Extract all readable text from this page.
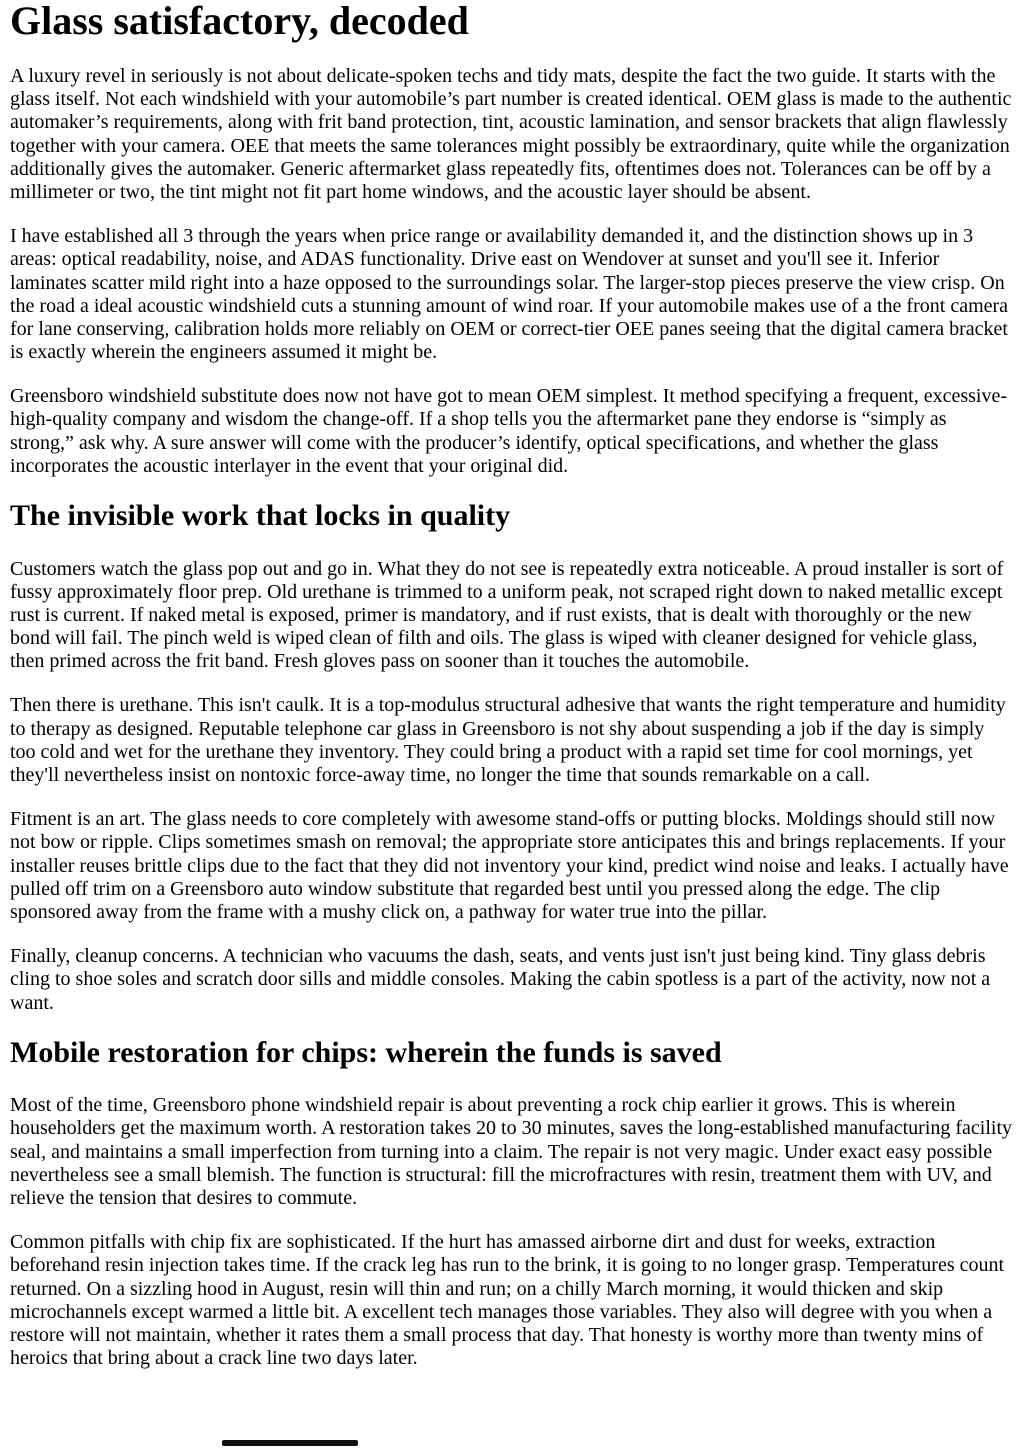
Glass satisfactory, decoded

A luxury revel in seriously is not about delicate-spoken techs and tidy mats, despite the fact the two guide. It starts with the glass itself. Not each windshield with your automobile’s part number is created identical. OEM glass is made to the authentic automaker’s requirements, along with frit band protection, tint, acoustic lamination, and sensor brackets that align flawlessly together with your camera. OEE that meets the same tolerances might possibly be extraordinary, quite while the organization additionally gives the automaker. Generic aftermarket glass repeatedly fits, oftentimes does not. Tolerances can be off by a millimeter or two, the tint might not fit part home windows, and the acoustic layer should be absent.

I have established all 3 through the years when price range or availability demanded it, and the distinction shows up in 3 areas: optical readability, noise, and ADAS functionality. Drive east on Wendover at sunset and you'll see it. Inferior laminates scatter mild right into a haze opposed to the surroundings solar. The larger-stop pieces preserve the view crisp. On the road a ideal acoustic windshield cuts a stunning amount of wind roar. If your automobile makes use of a the front camera for lane conserving, calibration holds more reliably on OEM or correct-tier OEE panes seeing that the digital camera bracket is exactly wherein the engineers assumed it might be.

Greensboro windshield substitute does now not have got to mean OEM simplest. It method specifying a frequent, excessive-high-quality company and wisdom the change-off. If a shop tells you the aftermarket pane they endorse is “simply as strong,” ask why. A sure answer will come with the producer’s identify, optical specifications, and whether the glass incorporates the acoustic interlayer in the event that your original did.

The invisible work that locks in quality

Customers watch the glass pop out and go in. What they do not see is repeatedly extra noticeable. A proud installer is sort of fussy approximately floor prep. Old urethane is trimmed to a uniform peak, not scraped right down to naked metallic except rust is current. If naked metal is exposed, primer is mandatory, and if rust exists, that is dealt with thoroughly or the new bond will fail. The pinch weld is wiped clean of filth and oils. The glass is wiped with cleaner designed for vehicle glass, then primed across the frit band. Fresh gloves pass on sooner than it touches the automobile.

Then there is urethane. This isn't caulk. It is a top-modulus structural adhesive that wants the right temperature and humidity to therapy as designed. Reputable telephone car glass in Greensboro is not shy about suspending a job if the day is simply too cold and wet for the urethane they inventory. They could bring a product with a rapid set time for cool mornings, yet they'll nevertheless insist on nontoxic force-away time, no longer the time that sounds remarkable on a call.

Fitment is an art. The glass needs to core completely with awesome stand-offs or putting blocks. Moldings should still now not bow or ripple. Clips sometimes smash on removal; the appropriate store anticipates this and brings replacements. If your installer reuses brittle clips due to the fact that they did not inventory your kind, predict wind noise and leaks. I actually have pulled off trim on a Greensboro auto window substitute that regarded best until you pressed along the edge. The clip sponsored away from the frame with a mushy click on, a pathway for water true into the pillar.

Finally, cleanup concerns. A technician who vacuums the dash, seats, and vents just isn't just being kind. Tiny glass debris cling to shoe soles and scratch door sills and middle consoles. Making the cabin spotless is a part of the activity, now not a want.

Mobile restoration for chips: wherein the funds is saved

Most of the time, Greensboro phone windshield repair is about preventing a rock chip earlier it grows. This is wherein householders get the maximum worth. A restoration takes 20 to 30 minutes, saves the long-established manufacturing facility seal, and maintains a small imperfection from turning into a claim. The repair is not very magic. Under exact easy possible nevertheless see a small blemish. The function is structural: fill the microfractures with resin, treatment them with UV, and relieve the tension that desires to commute.

Common pitfalls with chip fix are sophisticated. If the hurt has amassed airborne dirt and dust for weeks, extraction beforehand resin injection takes time. If the crack leg has run to the brink, it is going to no longer grasp. Temperatures count returned. On a sizzling hood in August, resin will thin and run; on a chilly March morning, it would thicken and skip microchannels except warmed a little bit. A excellent tech manages those variables. They also will degree with you when a restore will not maintain, whether it rates them a small process that day. That honesty is worthy more than twenty mins of heroics that bring about a crack line two days later.
